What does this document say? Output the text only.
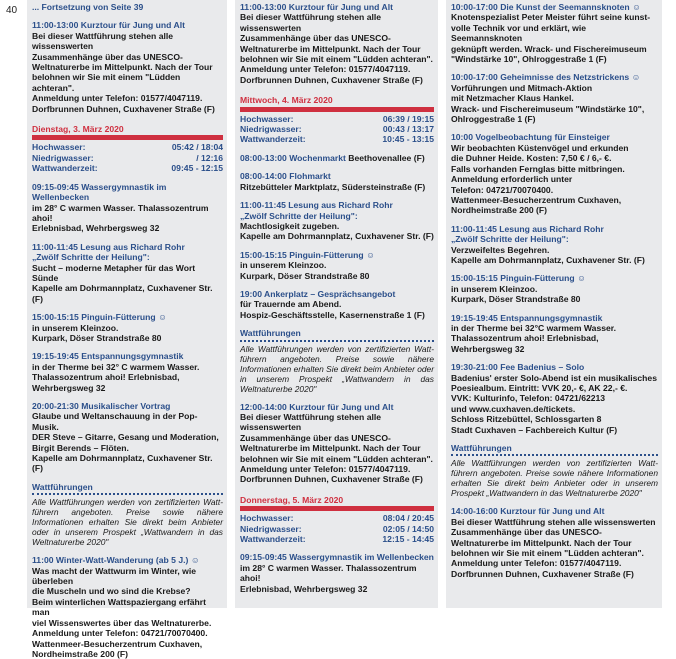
40 ... Fortsetzung von Seite 39
11:00-13:00 Kurztour für Jung und Alt
Bei dieser Wattführung stehen alle wissenswerten
Zusammenhänge über das UNESCO-
Weltnaturerbe im Mittelpunkt. Nach der Tour
belohnen wir Sie mit einem "Lüdden achteran".
Anmeldung unter Telefon: 01577/4047119.
Dorfbrunnen Duhnen, Cuxhavener Straße (F)
Dienstag, 3. März 2020
Hochwasser:	05:42 / 18:04
Niedrigwasser:	/ 12:16
Wattwanderzeit:	09:45 - 12:15
09:15-09:45 Wassergymnastik im Wellenbecken
im 28° C warmen Wasser. Thalassozentrum ahoi!
Erlebnisbad, Wehrbergsweg 32
11:00-11:45 Lesung aus Richard Rohr
„Zwölf Schritte der Heilung":
Sucht – moderne Metapher für das Wort Sünde
Kapelle am Dohrmannplatz, Cuxhavener Str. (F)
15:00-15:15 Pinguin-Fütterung ☺
in unserem Kleinzoo.
Kurpark, Döser Strandstraße 80
19:15-19:45 Entspannungsgymnastik
in der Therme bei 32° C warmem Wasser.
Thalassozentrum ahoi! Erlebnisbad,
Wehrbergsweg 32
20:00-21:30 Musikalischer Vortrag
Glaube und Weltanschauung in der Pop-Musik.
DER Steve – Gitarre, Gesang und Moderation,
Birgit Berends – Flöten.
Kapelle am Dohrmannplatz, Cuxhavener Str. (F)
Wattführungen
Alle Wattführungen werden von zertifizierten Watt-führern angeboten. Preise sowie nähere Informationen erhalten Sie direkt beim Anbieter oder in unserem Prospekt „Wattwandern in das Weltnaturerbe 2020"
11:00 Winter-Watt-Wanderung (ab 5 J.) ☺
Was macht der Wattwurm im Winter, wie überleben
die Muscheln und wo sind die Krebse?
Beim winterlichen Wattspaziergang erfährt man
viel Wissenswertes über das Weltnaturerbe.
Anmeldung unter Telefon: 04721/70070400.
Wattenmeer-Besucherzentrum Cuxhaven,
Nordheimstraße 200 (F)
11:00-13:00 Kurztour für Jung und Alt
Bei dieser Wattführung stehen alle wissenswerten
Zusammenhänge über das UNESCO-
Weltnaturerbe im Mittelpunkt. Nach der Tour
belohnen wir Sie mit einem "Lüdden achteran".
Anmeldung unter Telefon: 01577/4047119.
Dorfbrunnen Duhnen, Cuxhavener Straße (F)
Mittwoch, 4. März 2020
Hochwasser:	06:39 / 19:15
Niedrigwasser:	00:43 / 13:17
Wattwanderzeit:	10:45 - 13:15
08:00-13:00 Wochenmarkt Beethovenallee (F)
08:00-14:00 Flohmarkt
Ritzebütteler Marktplatz, Südersteinstraße (F)
11:00-11:45 Lesung aus Richard Rohr
„Zwölf Schritte der Heilung":
Machtlosigkeit zugeben.
Kapelle am Dohrmannplatz, Cuxhavener Str. (F)
15:00-15:15 Pinguin-Fütterung ☺
in unserem Kleinzoo.
Kurpark, Döser Strandstraße 80
19:00 Ankerplatz – Gesprächsangebot
für Trauernde am Abend.
Hospiz-Geschäftsstelle, Kasernenstraße 1 (F)
Wattführungen
Alle Wattführungen werden von zertifizierten Watt-führern angeboten. Preise sowie nähere Informationen erhalten Sie direkt beim Anbieter oder in unserem Prospekt „Wattwandern in das Weltnaturerbe 2020"
12:00-14:00 Kurztour für Jung und Alt
Bei dieser Wattführung stehen alle wissenswerten
Zusammenhänge über das UNESCO-
Weltnaturerbe im Mittelpunkt. Nach der Tour
belohnen wir Sie mit einem "Lüdden achteran".
Anmeldung unter Telefon: 01577/4047119.
Dorfbrunnen Duhnen, Cuxhavener Straße (F)
Donnerstag, 5. März 2020
Hochwasser:	08:04 / 20:45
Niedrigwasser:	02:05 / 14:50
Wattwanderzeit:	12:15 - 14:45
09:15-09:45 Wassergymnastik im Wellenbecken
im 28° C warmen Wasser. Thalassozentrum ahoi!
Erlebnisbad, Wehrbergsweg 32
10:00-17:00 Die Kunst der Seemannsknoten ☺
Knotenspezialist Peter Meister führt seine kunst-
volle Technik vor und erklärt, wie Seemannsknoten
geknüpft werden. Wrack- und Fischereimuseum
"Windstärke 10", Ohlroggestraße 1 (F)
10:00-17:00 Geheimnisse des Netzstrickens ☺
Vorführungen und Mitmach-Aktion
mit Netzmacher Klaus Hankel.
Wrack- und Fischereimuseum "Windstärke 10",
Ohlroggestraße 1 (F)
10:00 Vogelbeobachtung für Einsteiger
Wir beobachten Küstenvögel und erkunden
die Duhner Heide. Kosten: 7,50 € / 6,- €.
Falls vorhanden Fernglas bitte mitbringen.
Anmeldung erforderlich unter
Telefon: 04721/70070400.
Wattenmeer-Besucherzentrum Cuxhaven,
Nordheimstraße 200 (F)
11:00-11:45 Lesung aus Richard Rohr
„Zwölf Schritte der Heilung":
Verzweifeltes Begehren.
Kapelle am Dohrmannplatz, Cuxhavener Str. (F)
15:00-15:15 Pinguin-Fütterung ☺
in unserem Kleinzoo.
Kurpark, Döser Strandstraße 80
19:15-19:45 Entspannungsgymnastik
in der Therme bei 32°C warmem Wasser.
Thalassozentrum ahoi! Erlebnisbad,
Wehrbergsweg 32
19:30-21:00 Fee Badenius – Solo
Badenius' erster Solo-Abend ist ein musikalisches
Poesiealbum. Eintritt: VVK 20,- €, AK 22,- €.
VVK: Kulturinfo, Telefon: 04721/62213
und www.cuxhaven.de/tickets.
Schloss Ritzebüttel, Schlossgarten 8
Stadt Cuxhaven – Fachbereich Kultur (F)
Wattführungen
Alle Wattführungen werden von zertifizierten Watt-führern angeboten. Preise sowie nähere Informationen erhalten Sie direkt beim Anbieter oder in unserem Prospekt „Wattwandern in das Weltnaturerbe 2020"
14:00-16:00 Kurztour für Jung und Alt
Bei dieser Wattführung stehen alle wissenswerten
Zusammenhänge über das UNESCO-
Weltnaturerbe im Mittelpunkt. Nach der Tour
belohnen wir Sie mit einem "Lüdden achteran".
Anmeldung unter Telefon: 01577/4047119.
Dorfbrunnen Duhnen, Cuxhavener Straße (F)
